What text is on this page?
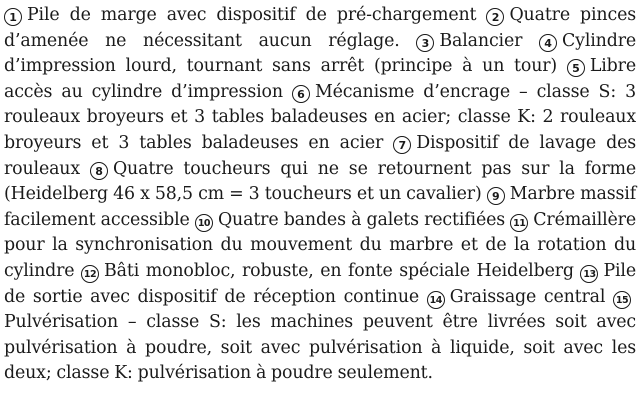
1 Pile de marge avec dispositif de pré-chargement 2 Quatre pinces d’amenée ne nécessitant aucun réglage. 3 Balancier 4 Cylindre d’impression lourd, tournant sans arrêt (principe à un tour) 5 Libre accès au cylindre d’impression 6 Mécanisme d’encrage – classe S: 3 rouleaux broyeurs et 3 tables baladeuses en acier; classe K: 2 rouleaux broyeurs et 3 tables baladeuses en acier 7 Dispositif de lavage des rouleaux 8 Quatre toucheurs qui ne se retournent pas sur la forme (Heidelberg 46 x 58,5 cm = 3 toucheurs et un cavalier) 9 Marbre massif facilement accessible 10 Quatre bandes à galets rectifiées 11 Crémaillère pour la synchronisation du mouvement du marbre et de la rotation du cylindre 12 Bâti monobloc, robuste, en fonte spéciale Heidelberg 13 Pile de sortie avec dispositif de réception continue 14 Graissage central 15Pulvérisation – classe S: les machines peuvent être livrées soit avec pulvérisation à poudre, soit avec pulvérisation à liquide, soit avec les deux; classe K: pulvérisation à poudre seulement.
